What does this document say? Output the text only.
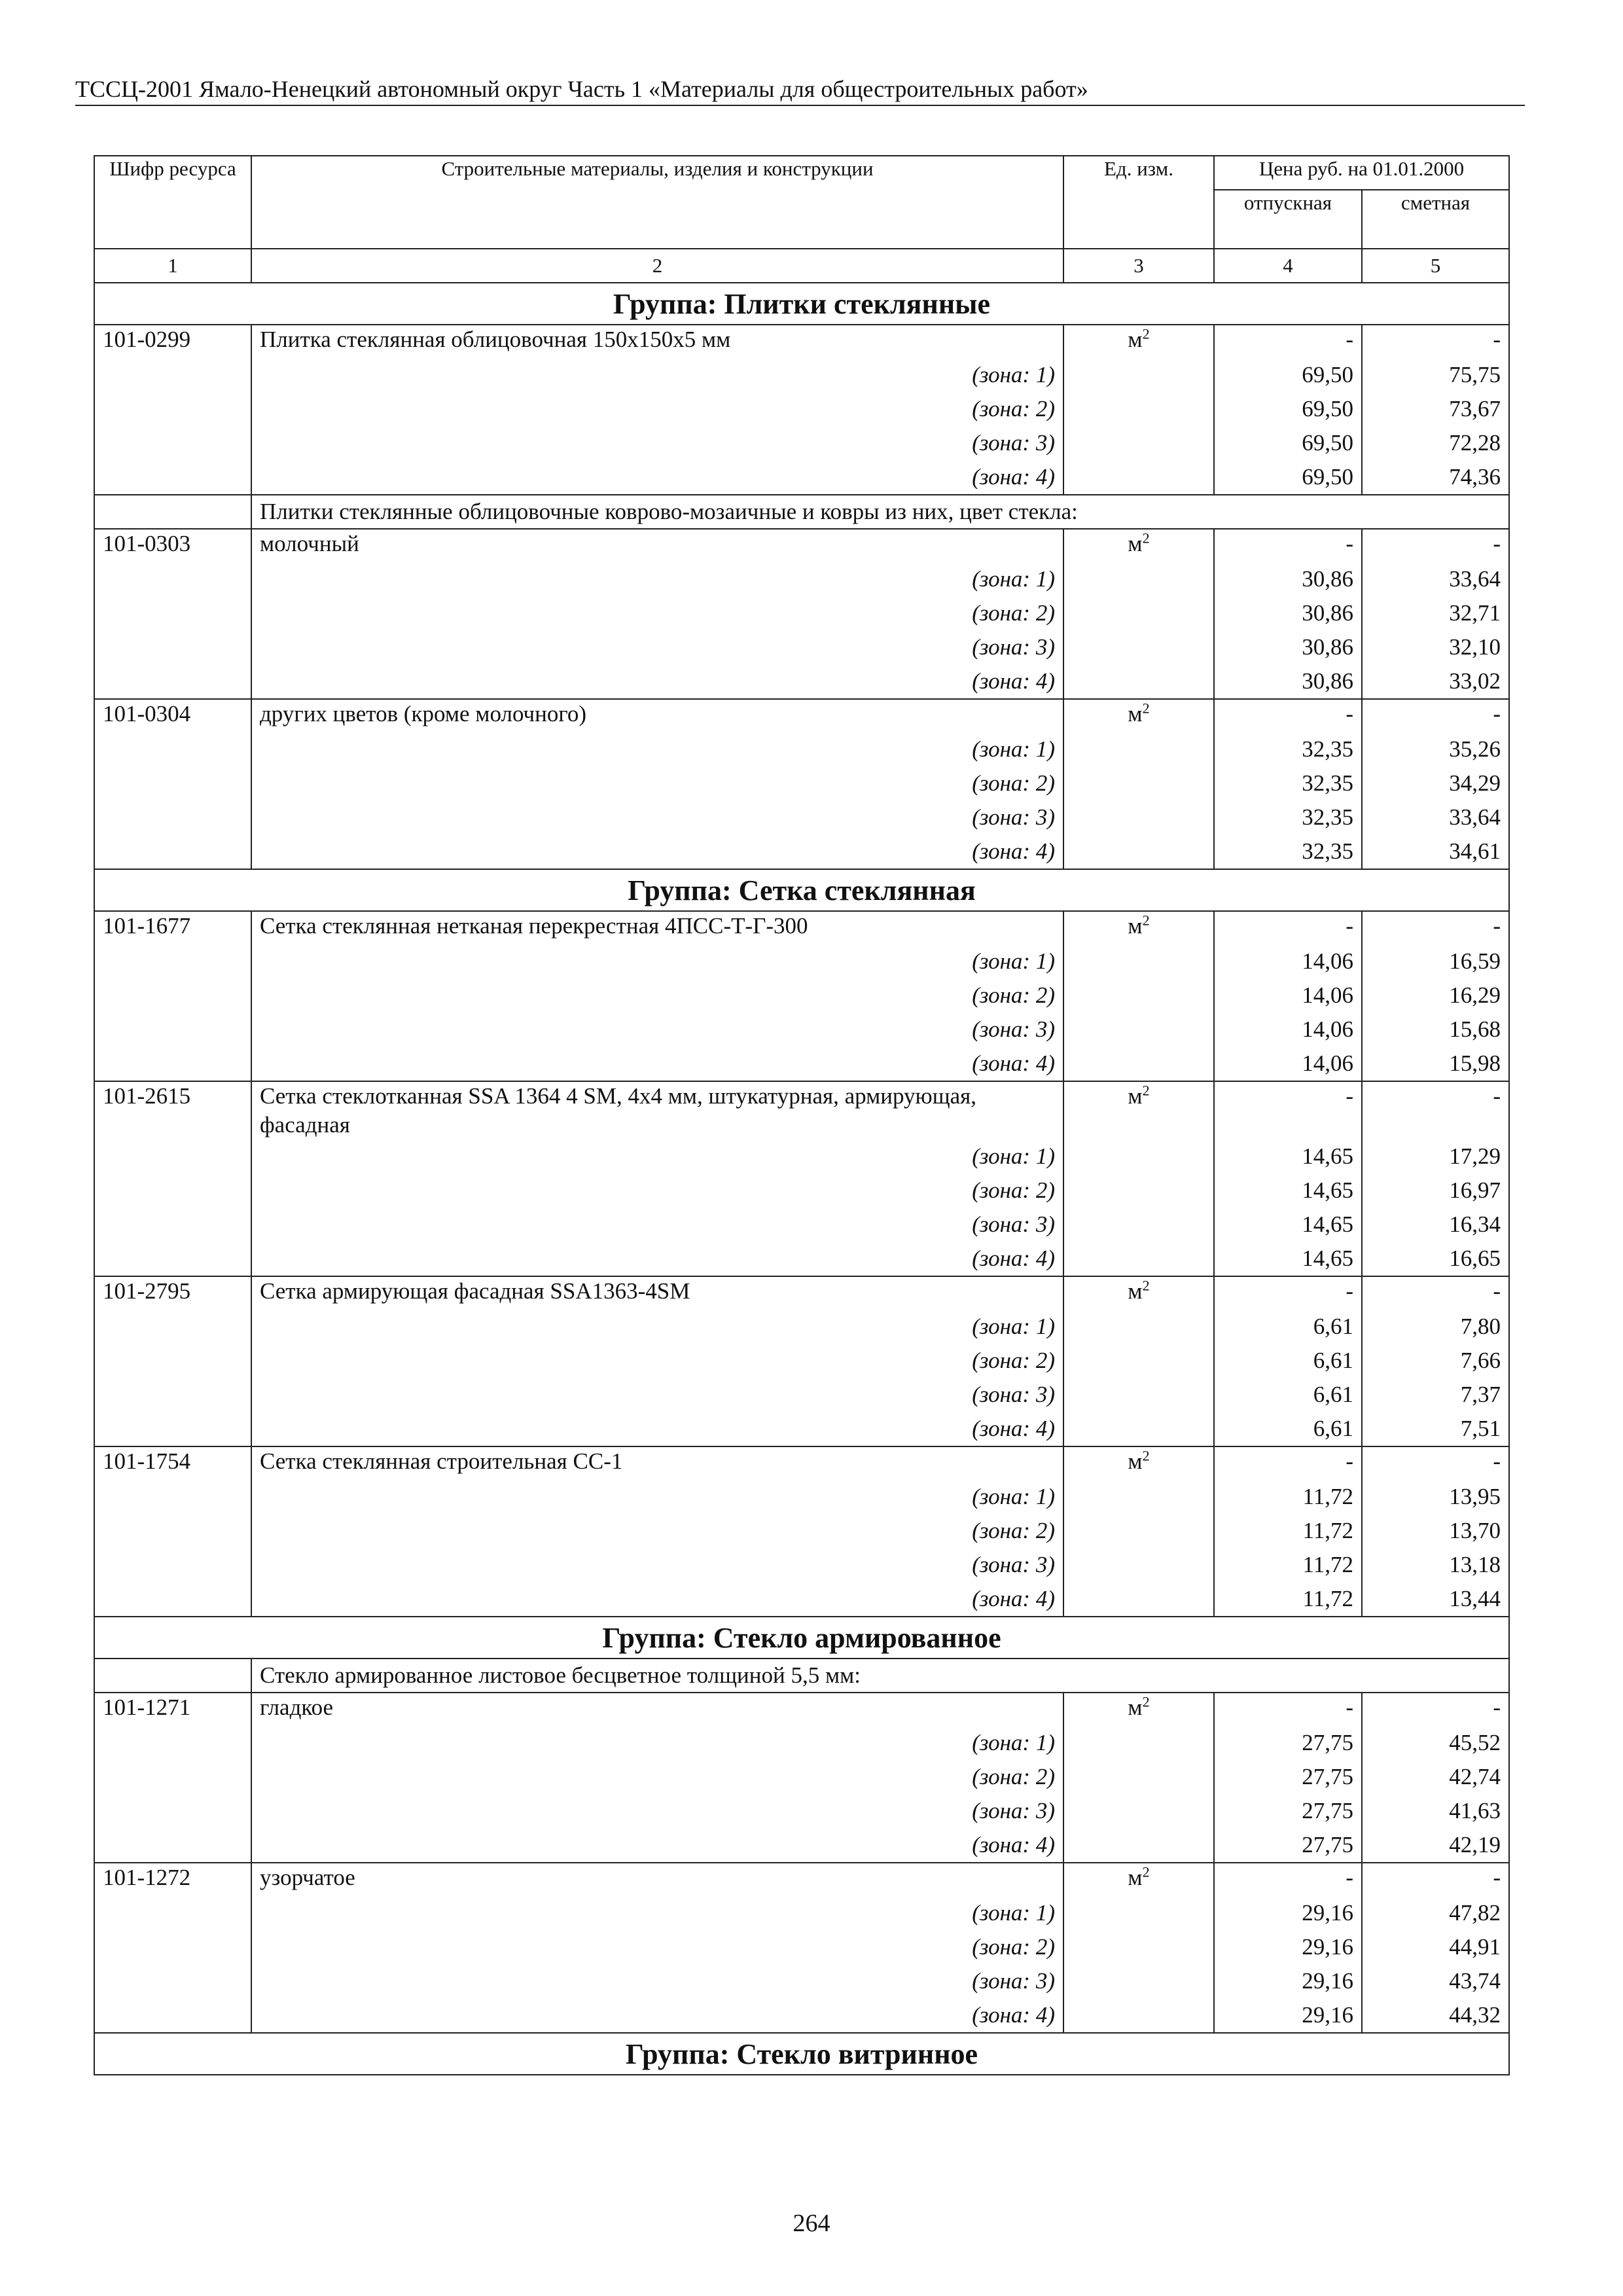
ТССЦ-2001 Ямало-Ненецкий автономный округ Часть 1 «Материалы для общестроительных работ»
Шифр ресурса	Строительные материалы, изделия и конструкции	Ед. изм.	Цена руб. на 01.01.2000	
			отпускная	сметная
1	2	3	4	5
Группа: Плитки стеклянные				
101-0299	Плитка стеклянная облицовочная 150x150x5 мм	$м^2$	-	-
	(зона: 1)		69,50	75,75
	(зона: 2)		69,50	73,67
	(зона: 3)		69,50	72,28
	(зона: 4)		69,50	74,36
	Плитки стеклянные облицовочные коврово-мозаичные и ковры из них, цвет стекла:			
101-0303	молочный	$м^2$	-	-
	(зона: 1)		30,86	33,64
	(зона: 2)		30,86	32,71
	(зона: 3)		30,86	32,10
	(зона: 4)		30,86	33,02
101-0304	других цветов (кроме молочного)	$м^2$	-	-
	(зона: 1)		32,35	35,26
	(зона: 2)		32,35	34,29
	(зона: 3)		32,35	33,64
	(зона: 4)		32,35	34,61
Группа: Сетка стеклянная				
101-1677	Сетка стеклянная нетканая перекрестная 4ПСС-Т-Г-300	$м^2$	-	-
	(зона: 1)		14,06	16,59
	(зона: 2)		14,06	16,29
	(зона: 3)		14,06	15,68
	(зона: 4)		14,06	15,98
101-2615	Сетка стеклотканная SSA 1364 4 SM, 4x4 мм, штукатурная, армирующая, фасадная	$м^2$	-	-
	(зона: 1)		14,65	17,29
	(зона: 2)		14,65	16,97
	(зона: 3)		14,65	16,34
	(зона: 4)		14,65	16,65
101-2795	Сетка армирующая фасадная SSA1363-4SM	$м^2$	-	-
	(зона: 1)		6,61	7,80
	(зона: 2)		6,61	7,66
	(зона: 3)		6,61	7,37
	(зона: 4)		6,61	7,51
101-1754	Сетка стеклянная строительная СС-1	$м^2$	-	-
	(зона: 1)		11,72	13,95
	(зона: 2)		11,72	13,70
	(зона: 3)		11,72	13,18
	(зона: 4)		11,72	13,44
Группа: Стекло армированное				
	Стекло армированное листовое бесцветное толщиной 5,5 мм:			
101-1271	гладкое	$м^2$	-	-
	(зона: 1)		27,75	45,52
	(зона: 2)		27,75	42,74
	(зона: 3)		27,75	41,63
	(зона: 4)		27,75	42,19
101-1272	узорчатое	$м^2$	-	-
	(зона: 1)		29,16	47,82
	(зона: 2)		29,16	44,91
	(зона: 3)		29,16	43,74
	(зона: 4)		29,16	44,32
Группа: Стекло витринное				
264
